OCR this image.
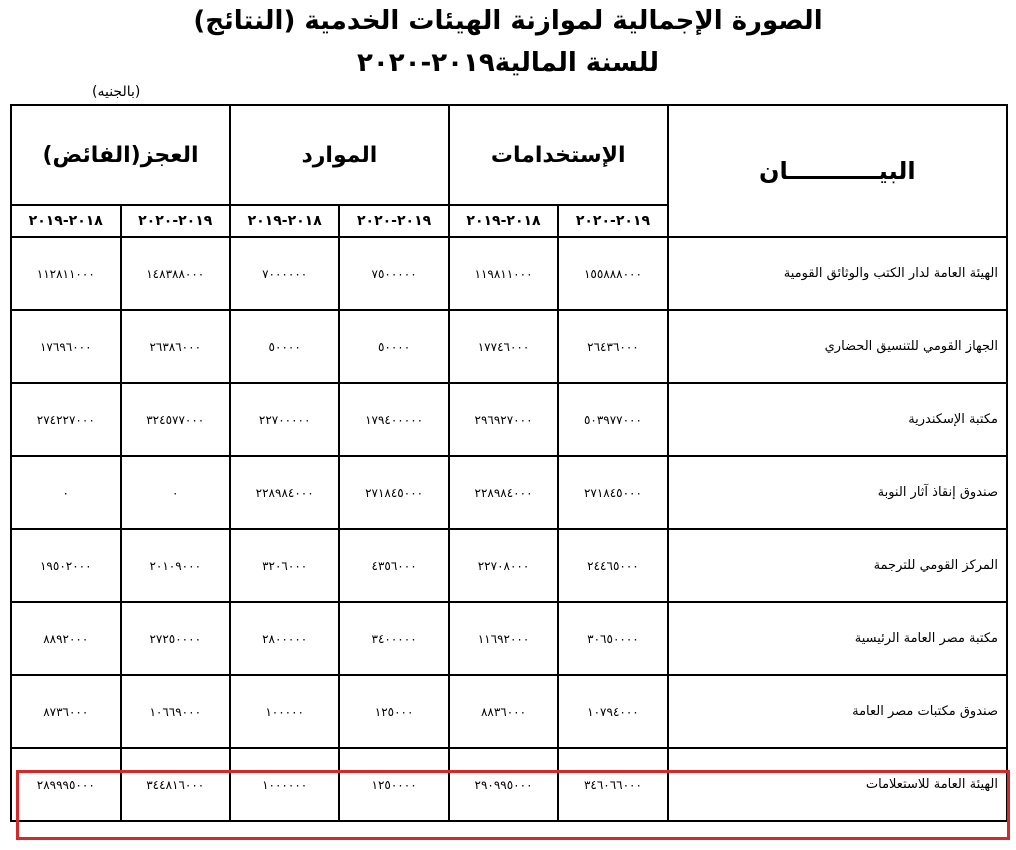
الصورة الإجمالية لموازنة الهيئات الخدمية (النتائج)
للسنة المالية٢٠١٩-٢٠٢٠
(بالجنيه)
البيـــــــــــان	الإستخدامات		الموارد		العجز(الفائض)	
	٢٠١٩-٢٠٢٠	٢٠١٨-٢٠١٩	٢٠١٩-٢٠٢٠	٢٠١٨-٢٠١٩	٢٠١٩-٢٠٢٠	٢٠١٨-٢٠١٩
الهيئة العامة لدار الكتب والوثائق القومية	١٥٥٨٨٨٠٠٠	١١٩٨١١٠٠٠	٧٥٠٠٠٠٠	٧٠٠٠٠٠٠	١٤٨٣٨٨٠٠٠	١١٢٨١١٠٠٠
الجهاز القومي للتنسيق الحضاري	٢٦٤٣٦٠٠٠	١٧٧٤٦٠٠٠	٥٠٠٠٠	٥٠٠٠٠	٢٦٣٨٦٠٠٠	١٧٦٩٦٠٠٠
مكتبة الإسكندرية	٥٠٣٩٧٧٠٠٠	٢٩٦٩٢٧٠٠٠	١٧٩٤٠٠٠٠٠	٢٢٧٠٠٠٠٠	٣٢٤٥٧٧٠٠٠	٢٧٤٢٢٧٠٠٠
صندوق إنقاذ آثار النوبة	٢٧١٨٤٥٠٠٠	٢٢٨٩٨٤٠٠٠	٢٧١٨٤٥٠٠٠	٢٢٨٩٨٤٠٠٠	٠	٠
المركز القومي للترجمة	٢٤٤٦٥٠٠٠	٢٢٧٠٨٠٠٠	٤٣٥٦٠٠٠	٣٢٠٦٠٠٠	٢٠١٠٩٠٠٠	١٩٥٠٢٠٠٠
مكتبة مصر العامة الرئيسية	٣٠٦٥٠٠٠٠	١١٦٩٢٠٠٠	٣٤٠٠٠٠٠	٢٨٠٠٠٠٠	٢٧٢٥٠٠٠٠	٨٨٩٢٠٠٠
صندوق مكتبات مصر العامة	١٠٧٩٤٠٠٠	٨٨٣٦٠٠٠	١٢٥٠٠٠	١٠٠٠٠٠	١٠٦٦٩٠٠٠	٨٧٣٦٠٠٠
الهيئة العامة للاستعلامات	٣٤٦٠٦٦٠٠٠	٢٩٠٩٩٥٠٠٠	١٢٥٠٠٠٠	١٠٠٠٠٠٠	٣٤٤٨١٦٠٠٠	٢٨٩٩٩٥٠٠٠
